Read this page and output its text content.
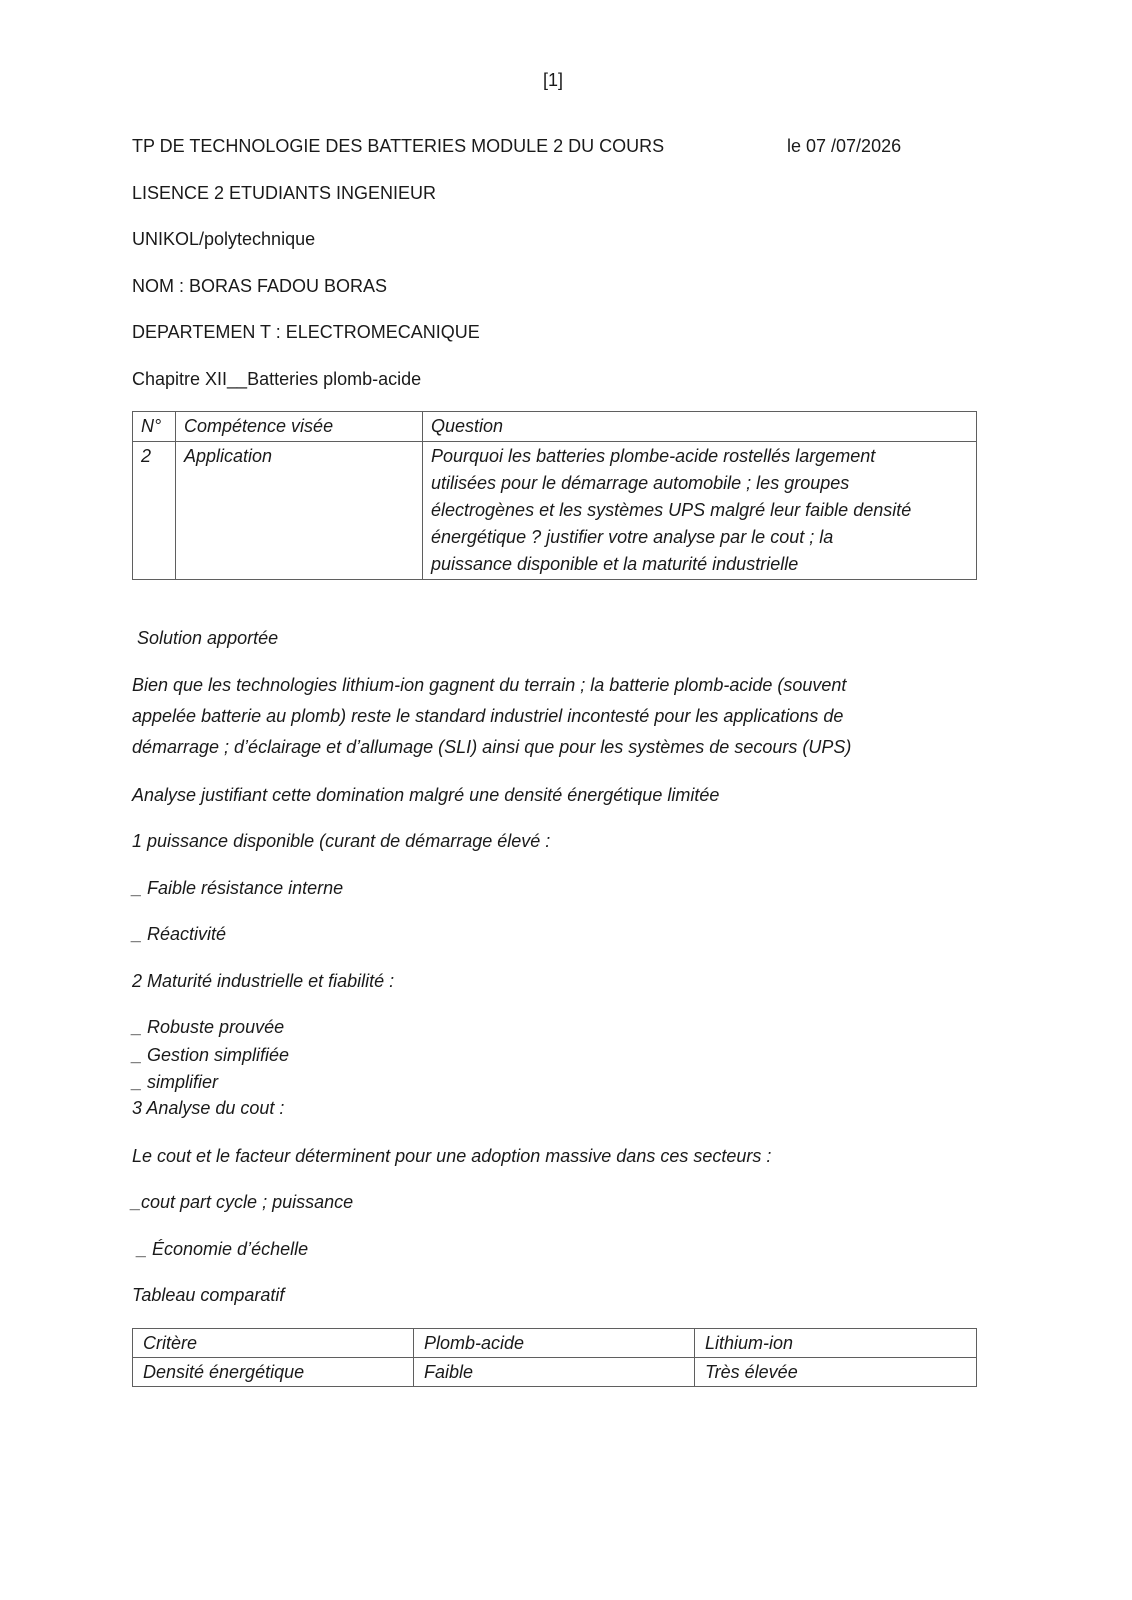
[1]
TP DE TECHNOLOGIE DES BATTERIES MODULE 2 DU COURS	le 07 /07/2026
LISENCE 2 ETUDIANTS INGENIEUR
UNIKOL/polytechnique
NOM : BORAS FADOU BORAS
DEPARTEMEN T : ELECTROMECANIQUE
Chapitre XII__Batteries plomb-acide
N°	Compétence visée	Question
2	Application	Pourquoi les batteries plombe-acide rostellés largement
utilisées pour le démarrage automobile ; les groupes
électrogènes et les systèmes UPS malgré leur faible densité
énergétique ? justifier votre analyse par le cout ; la
puissance disponible et la maturité industrielle
Solution apportée
Bien que les technologies lithium-ion gagnent du terrain ; la batterie plomb-acide (souvent
appelée batterie au plomb) reste le standard industriel incontesté pour les applications de
démarrage ; d’éclairage et d’allumage (SLI) ainsi que pour les systèmes de secours (UPS)
Analyse justifiant cette domination malgré une densité énergétique limitée
1 puissance disponible (curant de démarrage élevé :
_ Faible résistance interne
_ Réactivité
2 Maturité industrielle et fiabilité :
_ Robuste prouvée
_ Gestion simplifiée
_ simplifier
3 Analyse du cout :
Le cout et le facteur déterminent pour une adoption massive dans ces secteurs :
_cout part cycle ; puissance
_ Économie d’échelle
Tableau comparatif
Critère	Plomb-acide	Lithium-ion
Densité énergétique	Faible	Très élevée
